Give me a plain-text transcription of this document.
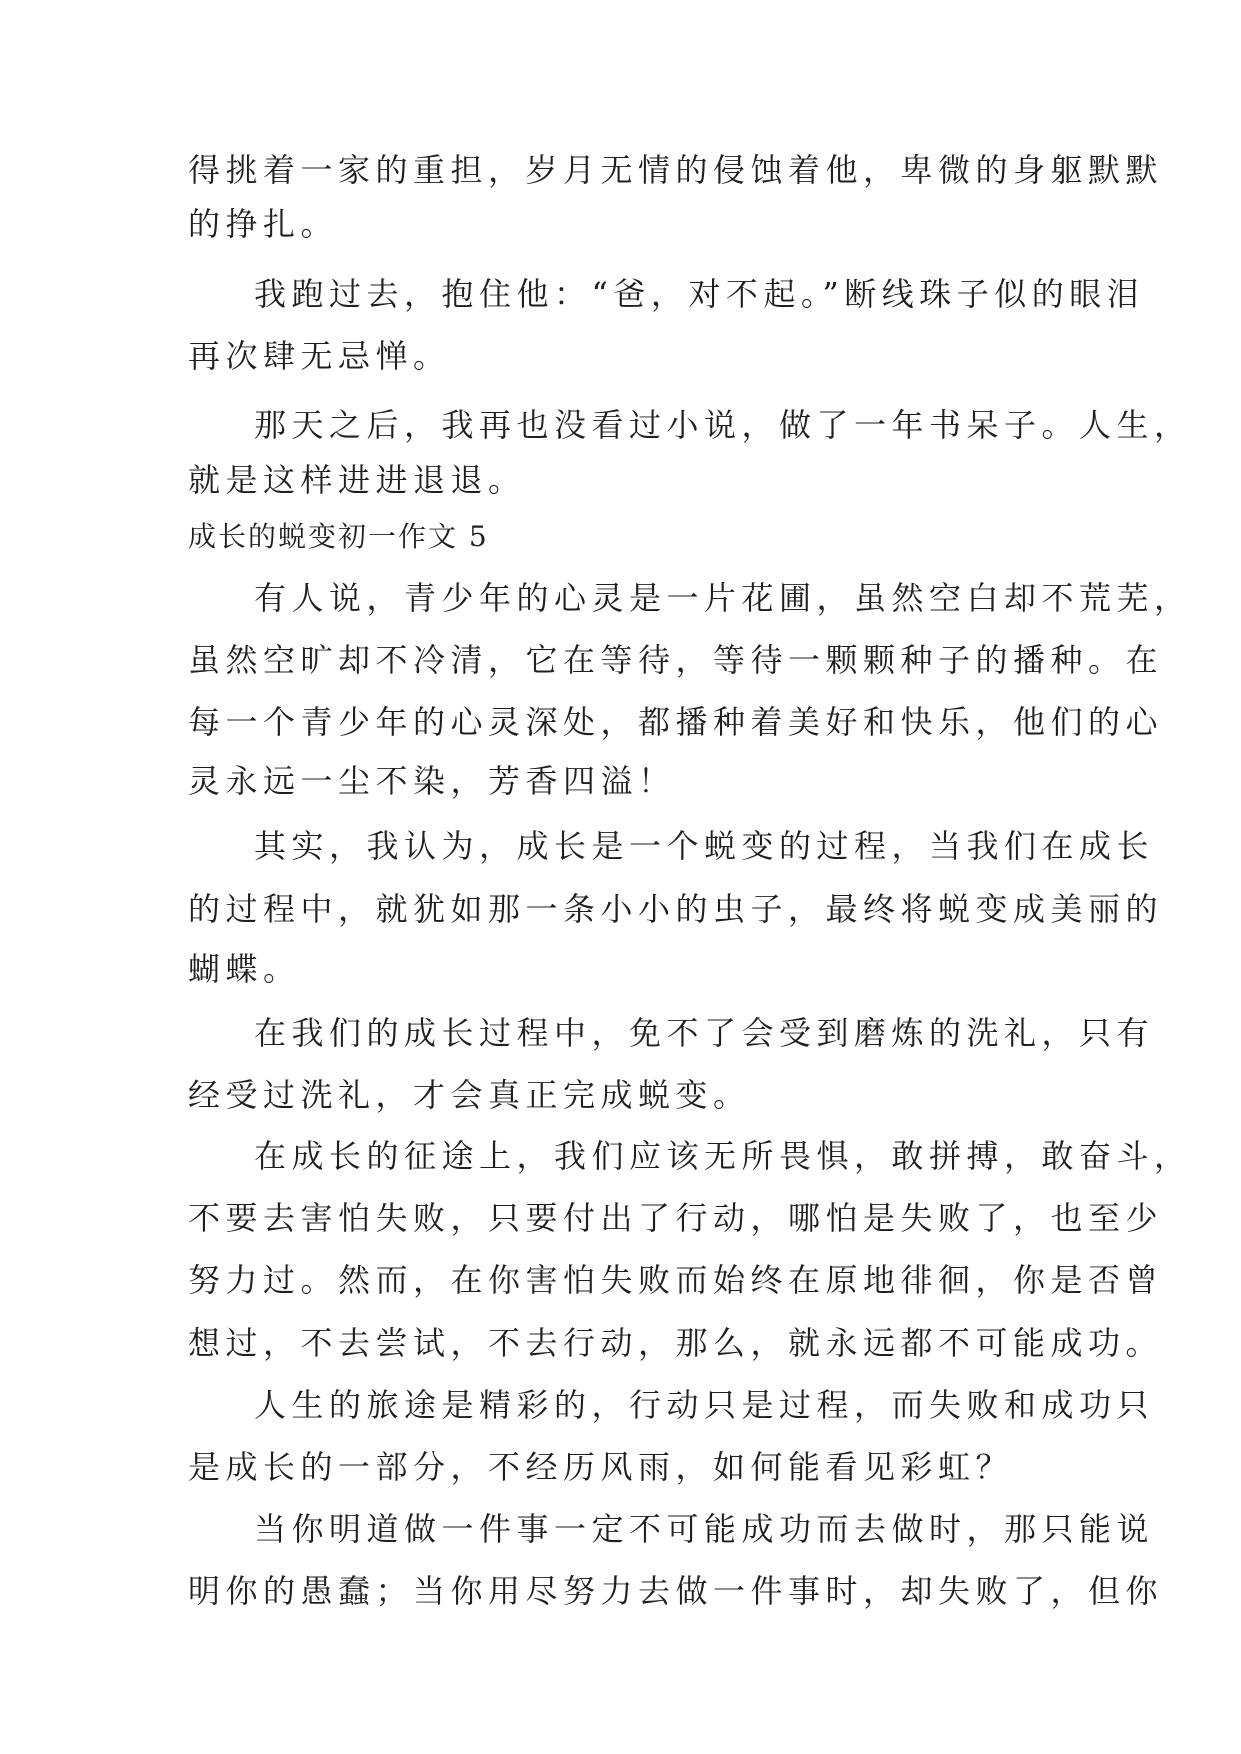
得挑着一家的重担，岁月无情的侵蚀着他，卑微的身躯默默
的挣扎。
我跑过去，抱住他：“爸，对不起。”断线珠子似的眼泪
再次肆无忌惮。
那天之后，我再也没看过小说，做了一年书呆子。人生，
就是这样进进退退。
成长的蜕变初一作文 5
有人说，青少年的心灵是一片花圃，虽然空白却不荒芜，
虽然空旷却不冷清，它在等待，等待一颗颗种子的播种。在
每一个青少年的心灵深处，都播种着美好和快乐，他们的心
灵永远一尘不染，芳香四溢！
其实，我认为，成长是一个蜕变的过程，当我们在成长
的过程中，就犹如那一条小小的虫子，最终将蜕变成美丽的
蝴蝶。
在我们的成长过程中，免不了会受到磨炼的洗礼，只有
经受过洗礼，才会真正完成蜕变。
在成长的征途上，我们应该无所畏惧，敢拼搏，敢奋斗，
不要去害怕失败，只要付出了行动，哪怕是失败了，也至少
努力过。然而，在你害怕失败而始终在原地徘徊，你是否曾
想过，不去尝试，不去行动，那么，就永远都不可能成功。
人生的旅途是精彩的，行动只是过程，而失败和成功只
是成长的一部分，不经历风雨，如何能看见彩虹？
当你明道做一件事一定不可能成功而去做时，那只能说
明你的愚蠢；当你用尽努力去做一件事时，却失败了，但你
